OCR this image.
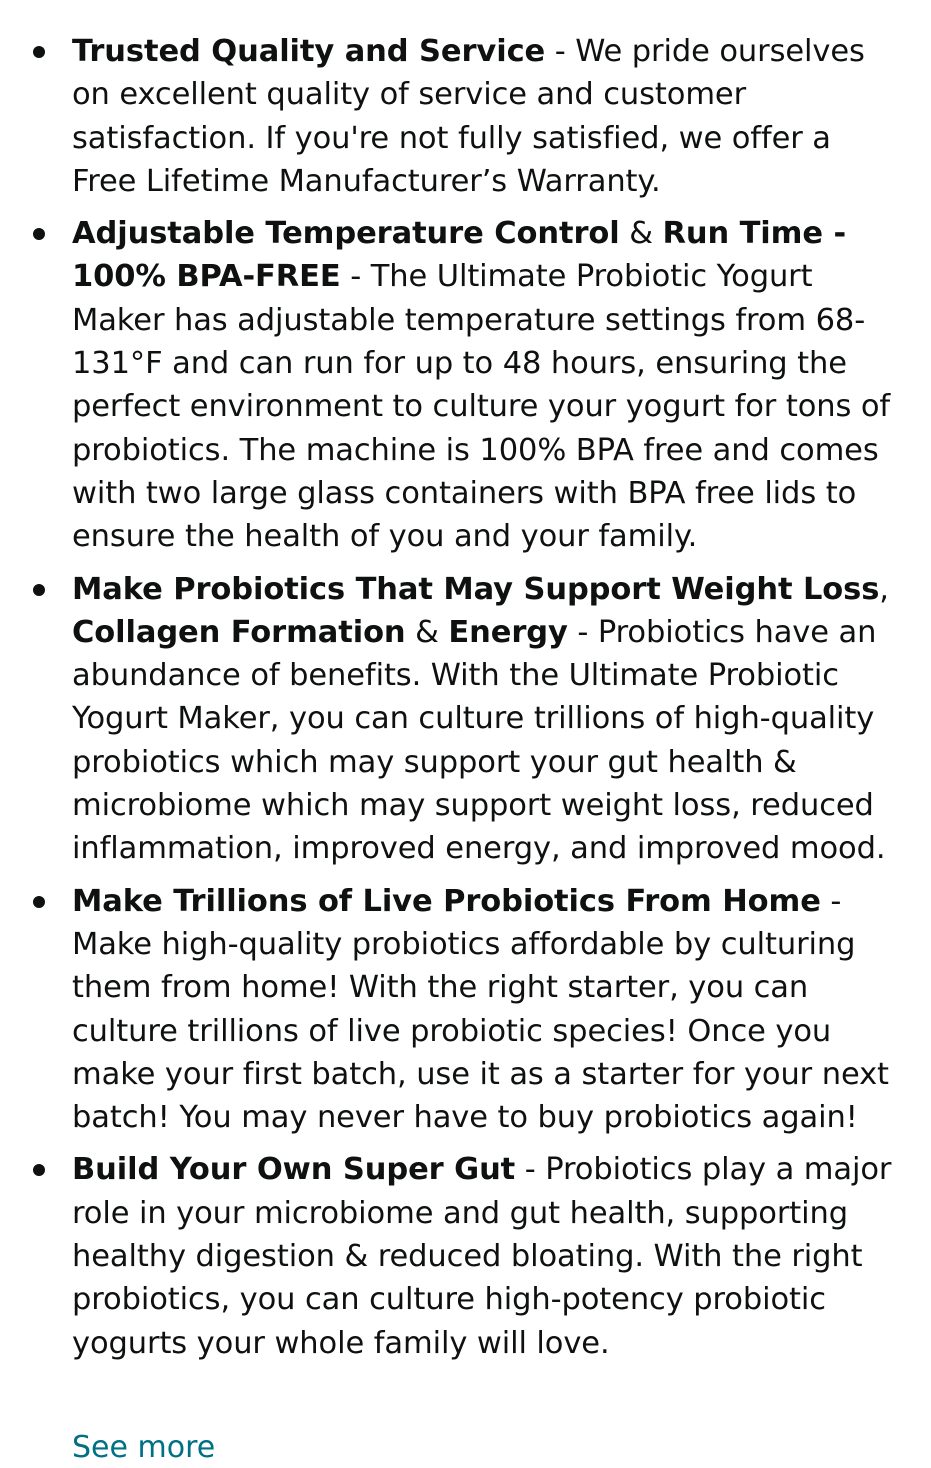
Trusted Quality and Service - We pride ourselves on excellent quality of service and customer satisfaction. If you're not fully satisfied, we offer a Free Lifetime Manufacturer’s Warranty.
Adjustable Temperature Control & Run Time - 100% BPA-FREE - The Ultimate Probiotic Yogurt Maker has adjustable temperature settings from 68-131°F and can run for up to 48 hours, ensuring the perfect environment to culture your yogurt for tons of probiotics. The machine is 100% BPA free and comes with two large glass containers with BPA free lids to ensure the health of you and your family.
Make Probiotics That May Support Weight Loss, Collagen Formation & Energy - Probiotics have an abundance of benefits. With the Ultimate Probiotic Yogurt Maker, you can culture trillions of high-quality probiotics which may support your gut health & microbiome which may support weight loss, reduced inflammation, improved energy, and improved mood.
Make Trillions of Live Probiotics From Home - Make high-quality probiotics affordable by culturing them from home! With the right starter, you can culture trillions of live probiotic species! Once you make your first batch, use it as a starter for your next batch! You may never have to buy probiotics again!
Build Your Own Super Gut - Probiotics play a major role in your microbiome and gut health, supporting healthy digestion & reduced bloating. With the right probiotics, you can culture high-potency probiotic yogurts your whole family will love.
See more
